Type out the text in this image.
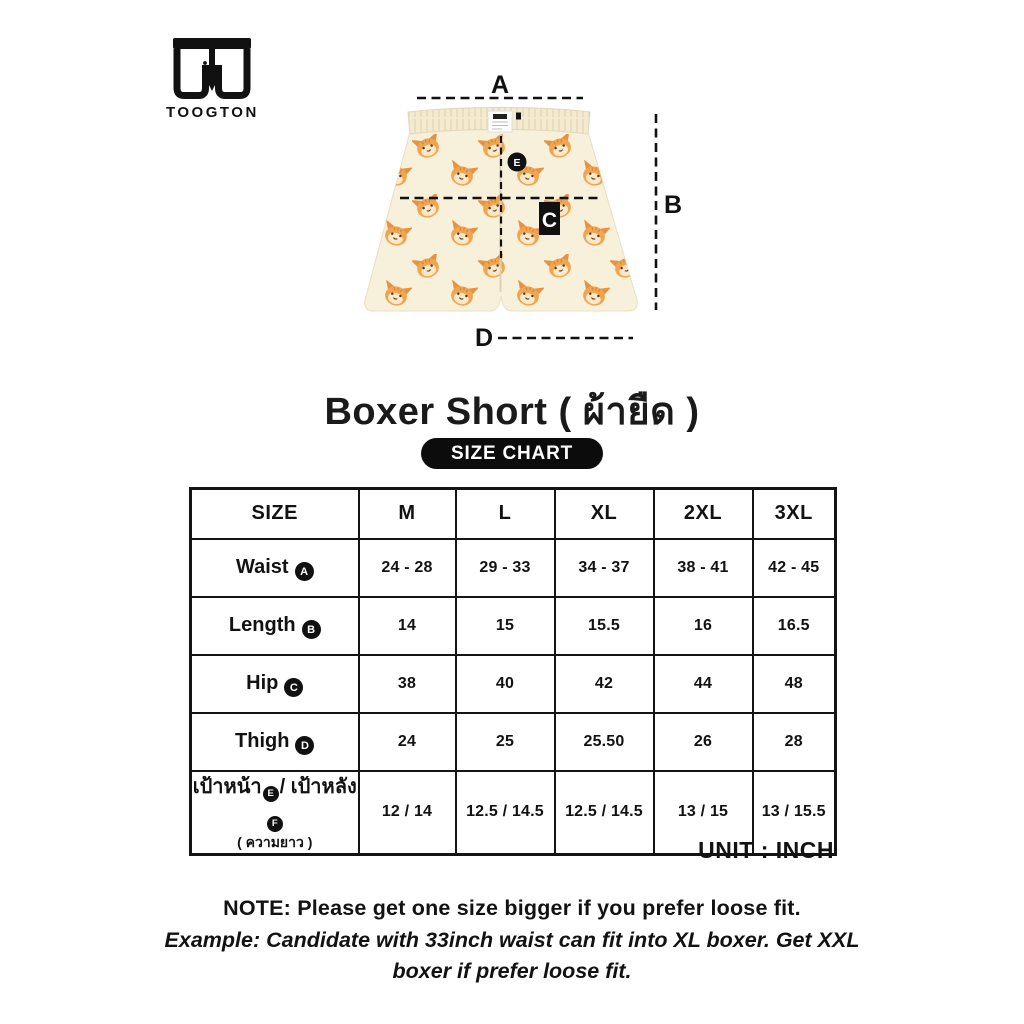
TOOGTON
A
B
C
E
D
Boxer Short ( ผ้ายืด )
SIZE CHART
SIZE	M	L	XL	2XL	3XL
Waist A	24 - 28	29 - 33	34 - 37	38 - 41	42 - 45
Length B	14	15	15.5	16	16.5
Hip C	38	40	42	44	48
Thigh D	24	25	25.50	26	28
เป้าหน้า E / เป้าหลังF
( ความยาว )	12 / 14	12.5 / 14.5	12.5 / 14.5	13 / 15	13 / 15.5
UNIT : INCH

NOTE: Please get one size bigger if you prefer loose fit.

Example: Candidate with 33inch waist can fit into XL boxer. Get XXL boxer if prefer loose fit.
